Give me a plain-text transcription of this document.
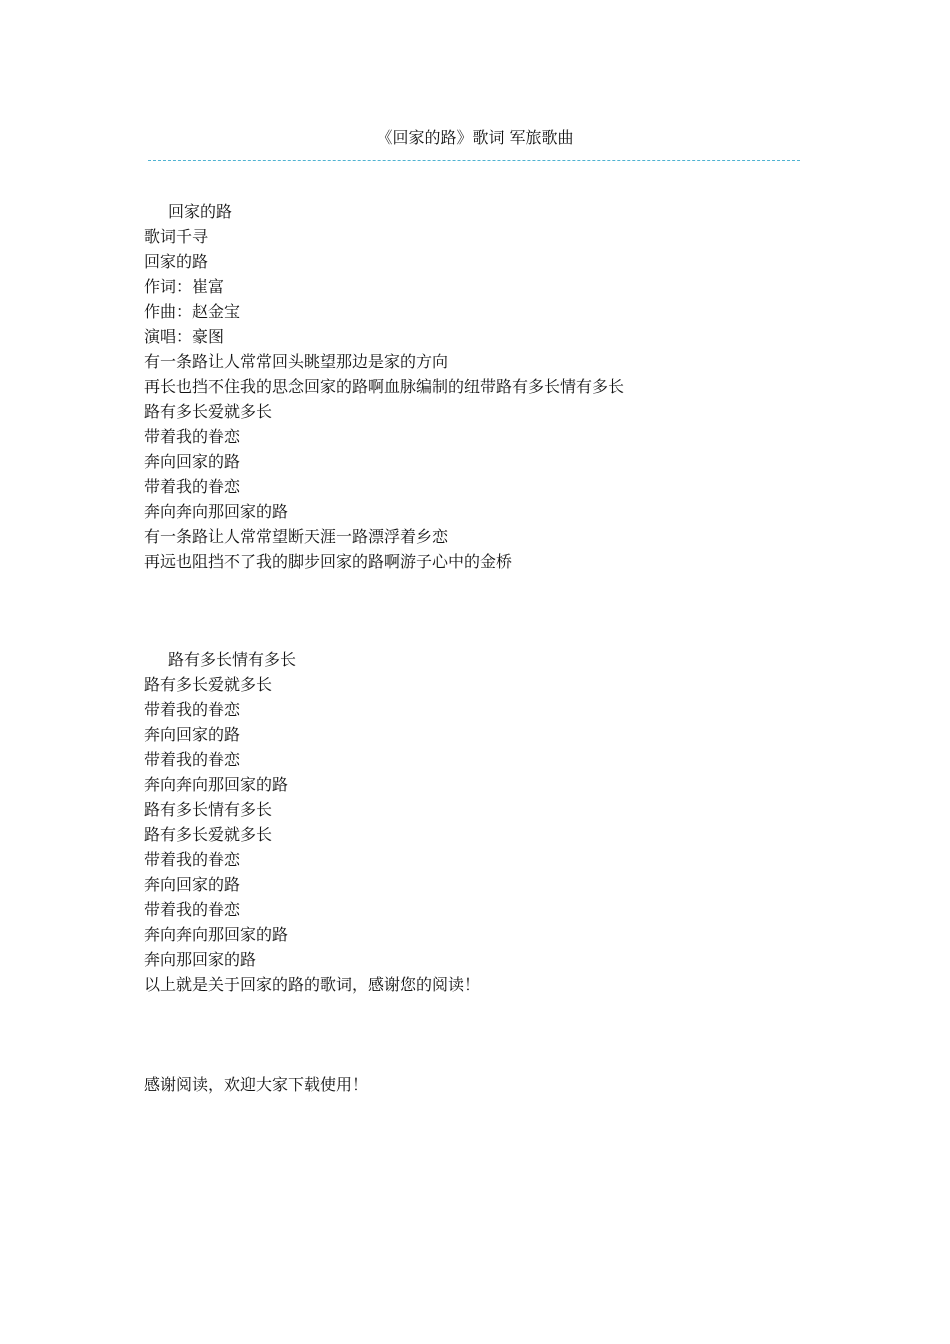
《回家的路》歌词 军旅歌曲
回家的路
歌词千寻
回家的路
作词：崔富
作曲：赵金宝
演唱：豪图
有一条路让人常常回头眺望那边是家的方向
再长也挡不住我的思念回家的路啊血脉编制的纽带路有多长情有多长
路有多长爱就多长
带着我的眷恋
奔向回家的路
带着我的眷恋
奔向奔向那回家的路
有一条路让人常常望断天涯一路漂浮着乡恋
再远也阻挡不了我的脚步回家的路啊游子心中的金桥
路有多长情有多长
路有多长爱就多长
带着我的眷恋
奔向回家的路
带着我的眷恋
奔向奔向那回家的路
路有多长情有多长
路有多长爱就多长
带着我的眷恋
奔向回家的路
带着我的眷恋
奔向奔向那回家的路
奔向那回家的路
以上就是关于回家的路的歌词，感谢您的阅读！
感谢阅读，欢迎大家下载使用！
